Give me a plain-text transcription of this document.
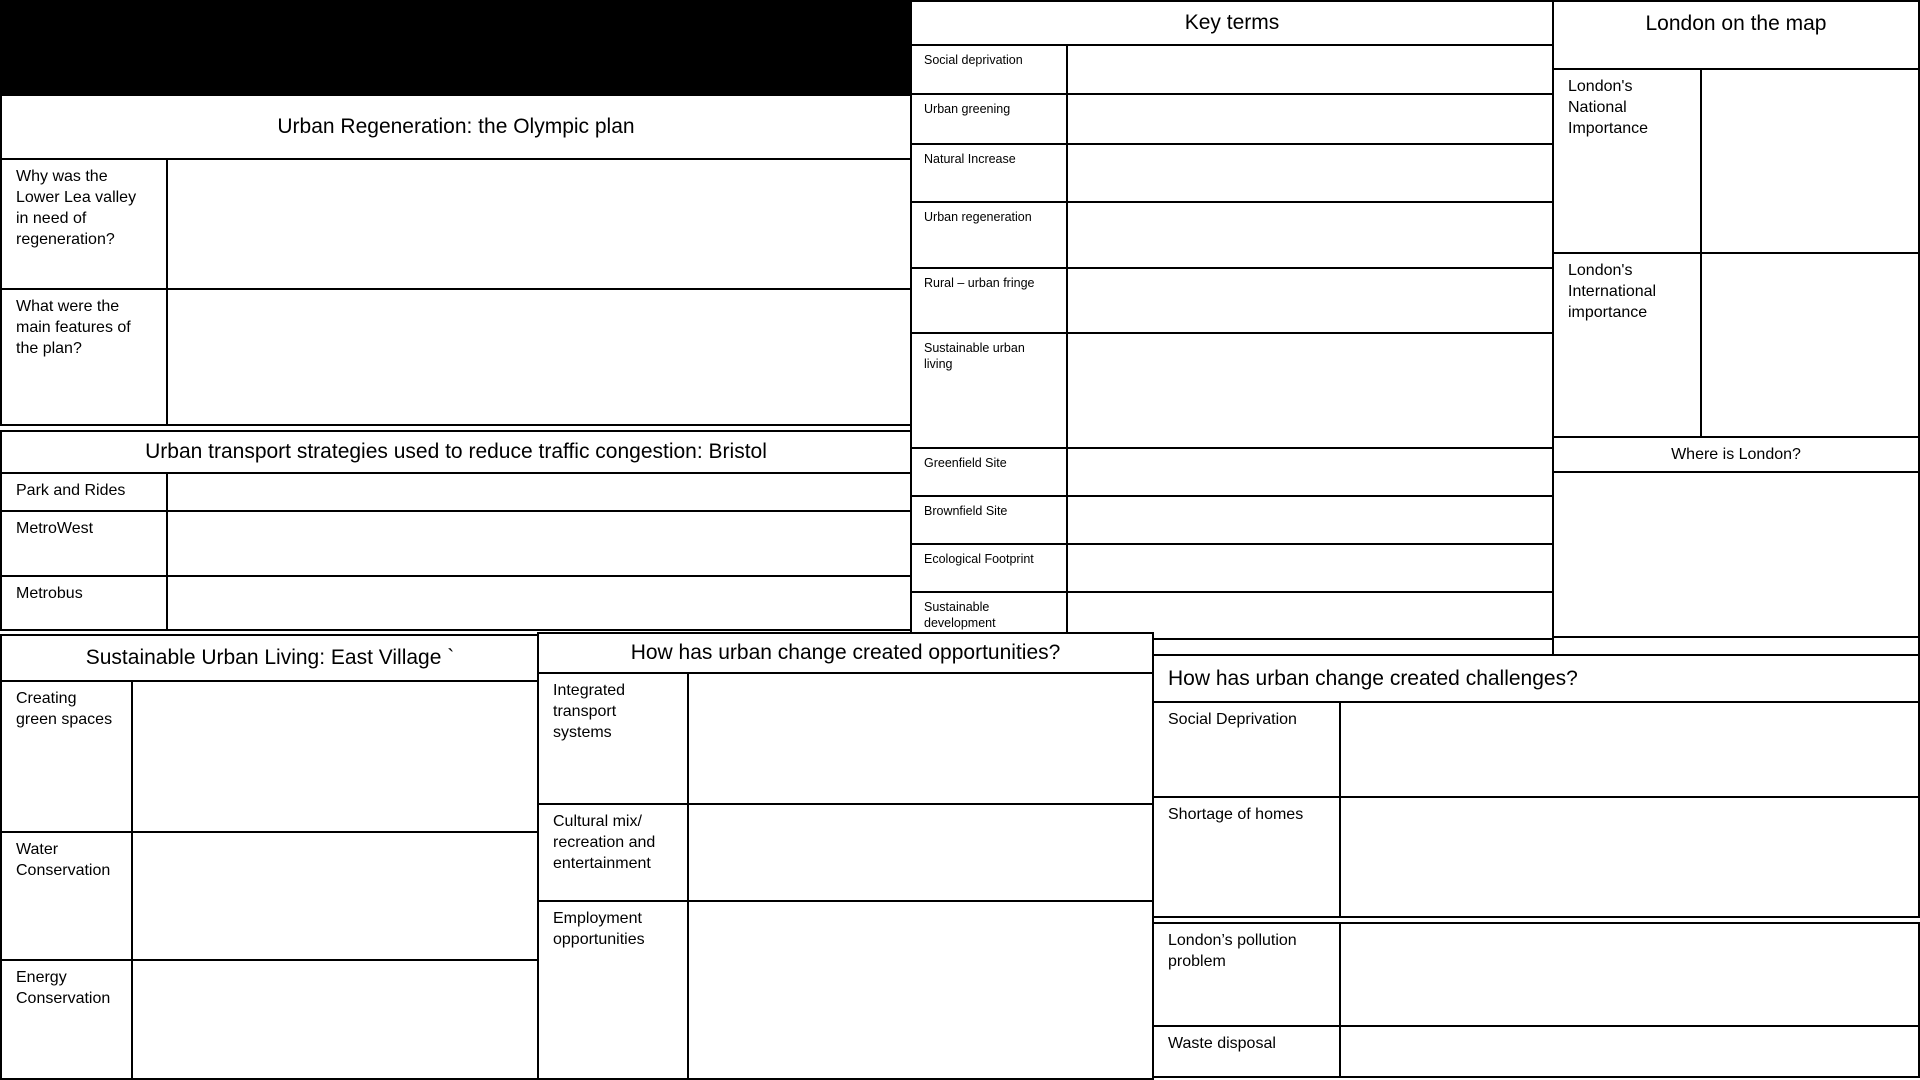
Urban Regeneration: the Olympic plan
Why was the Lower Lea valley in need of regeneration?
What were the main features of the plan?
Urban transport strategies used to reduce traffic congestion: Bristol
Park and Rides
MetroWest
Metrobus
Key terms
Social deprivation
Urban greening
Natural Increase
Urban regeneration
Rural – urban fringe
Sustainable urban living
Greenfield Site
Brownfield Site
Ecological Footprint
Sustainable development
London on the map
London's National Importance
London's International importance
Where is London?
Sustainable Urban Living: East Village `
Creating green spaces
Water Conservation
Energy Conservation
How has urban change created opportunities?
Integrated transport systems
Cultural mix/ recreation and entertainment
Employment opportunities
How has urban change created challenges?
Social Deprivation
Shortage of homes
London’s pollution problem
Waste disposal
